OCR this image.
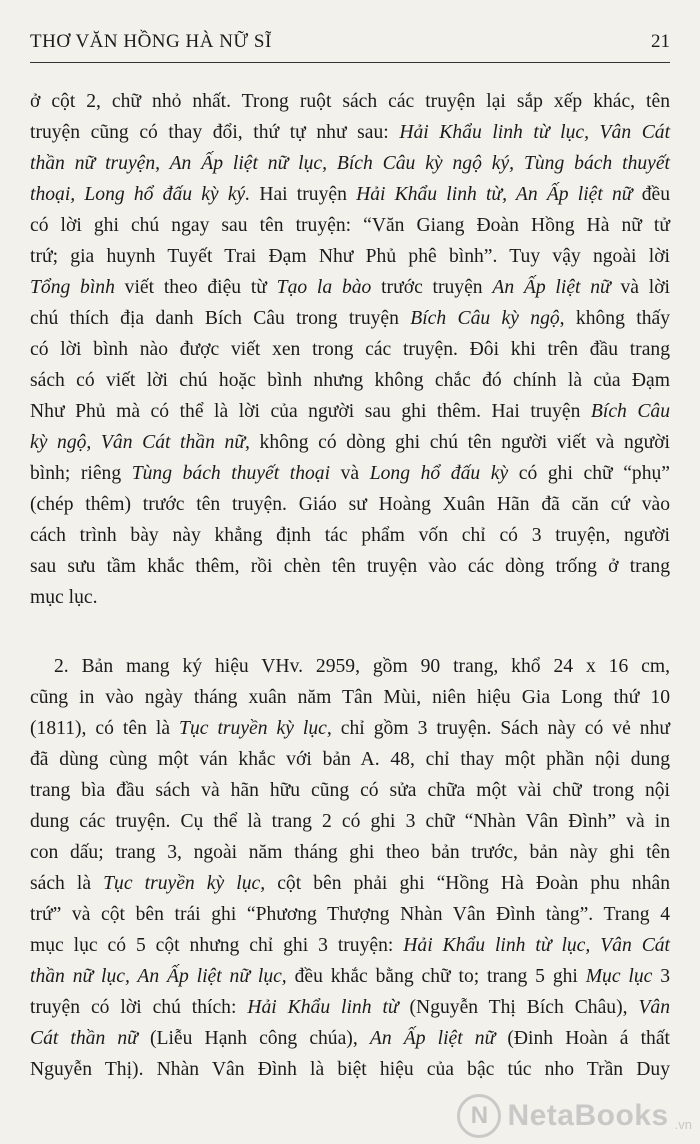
THƠ VĂN HỒNG HÀ NỮ SĨ	21
ở cột 2, chữ nhỏ nhất. Trong ruột sách các truyện lại sắp xếp khác, tên
truyện cũng có thay đổi, thứ tự như sau: Hải Khẩu linh từ lục, Vân Cát
thần nữ truyện, An Ấp liệt nữ lục, Bích Câu kỳ ngộ ký, Tùng bách thuyết
thoại, Long hổ đấu kỳ ký. Hai truyện Hải Khẩu linh từ, An Ấp liệt nữ đều
có lời ghi chú ngay sau tên truyện: “Văn Giang Đoàn Hồng Hà nữ tử
trứ; gia huynh Tuyết Trai Đạm Như Phủ phê bình”. Tuy vậy ngoài lời
Tổng bình viết theo điệu từ Tạo la bào trước truyện An Ấp liệt nữ và lời
chú thích địa danh Bích Câu trong truyện Bích Câu kỳ ngộ, không thấy
có lời bình nào được viết xen trong các truyện. Đôi khi trên đầu trang
sách có viết lời chú hoặc bình nhưng không chắc đó chính là của Đạm
Như Phủ mà có thể là lời của người sau ghi thêm. Hai truyện Bích Câu
kỳ ngộ, Vân Cát thần nữ, không có dòng ghi chú tên người viết và người
bình; riêng Tùng bách thuyết thoại và Long hổ đấu kỳ có ghi chữ “phụ”
(chép thêm) trước tên truyện. Giáo sư Hoàng Xuân Hãn đã căn cứ vào
cách trình bày này khẳng định tác phẩm vốn chỉ có 3 truyện, người
sau sưu tầm khắc thêm, rồi chèn tên truyện vào các dòng trống ở trang
mục lục.
2. Bản mang ký hiệu VHv. 2959, gồm 90 trang, khổ 24 x 16 cm,
cũng in vào ngày tháng xuân năm Tân Mùi, niên hiệu Gia Long thứ 10
(1811), có tên là Tục truyền kỳ lục, chỉ gồm 3 truyện. Sách này có vẻ như
đã dùng cùng một ván khắc với bản A. 48, chỉ thay một phần nội dung
trang bìa đầu sách và hãn hữu cũng có sửa chữa một vài chữ trong nội
dung các truyện. Cụ thể là trang 2 có ghi 3 chữ “Nhàn Vân Đình” và in
con dấu; trang 3, ngoài năm tháng ghi theo bản trước, bản này ghi tên
sách là Tục truyền kỳ lục, cột bên phải ghi “Hồng Hà Đoàn phu nhân
trứ” và cột bên trái ghi “Phương Thượng Nhàn Vân Đình tàng”. Trang 4
mục lục có 5 cột nhưng chỉ ghi 3 truyện: Hải Khẩu linh từ lục, Vân Cát
thần nữ lục, An Ấp liệt nữ lục, đều khắc bằng chữ to; trang 5 ghi Mục lục 3
truyện có lời chú thích: Hải Khẩu linh từ (Nguyễn Thị Bích Châu), Vân
Cát thần nữ (Liễu Hạnh công chúa), An Ấp liệt nữ (Đinh Hoàn á thất
Nguyễn Thị). Nhàn Vân Đình là biệt hiệu của bậc túc nho Trần Duy
N NetaBooks .vn
